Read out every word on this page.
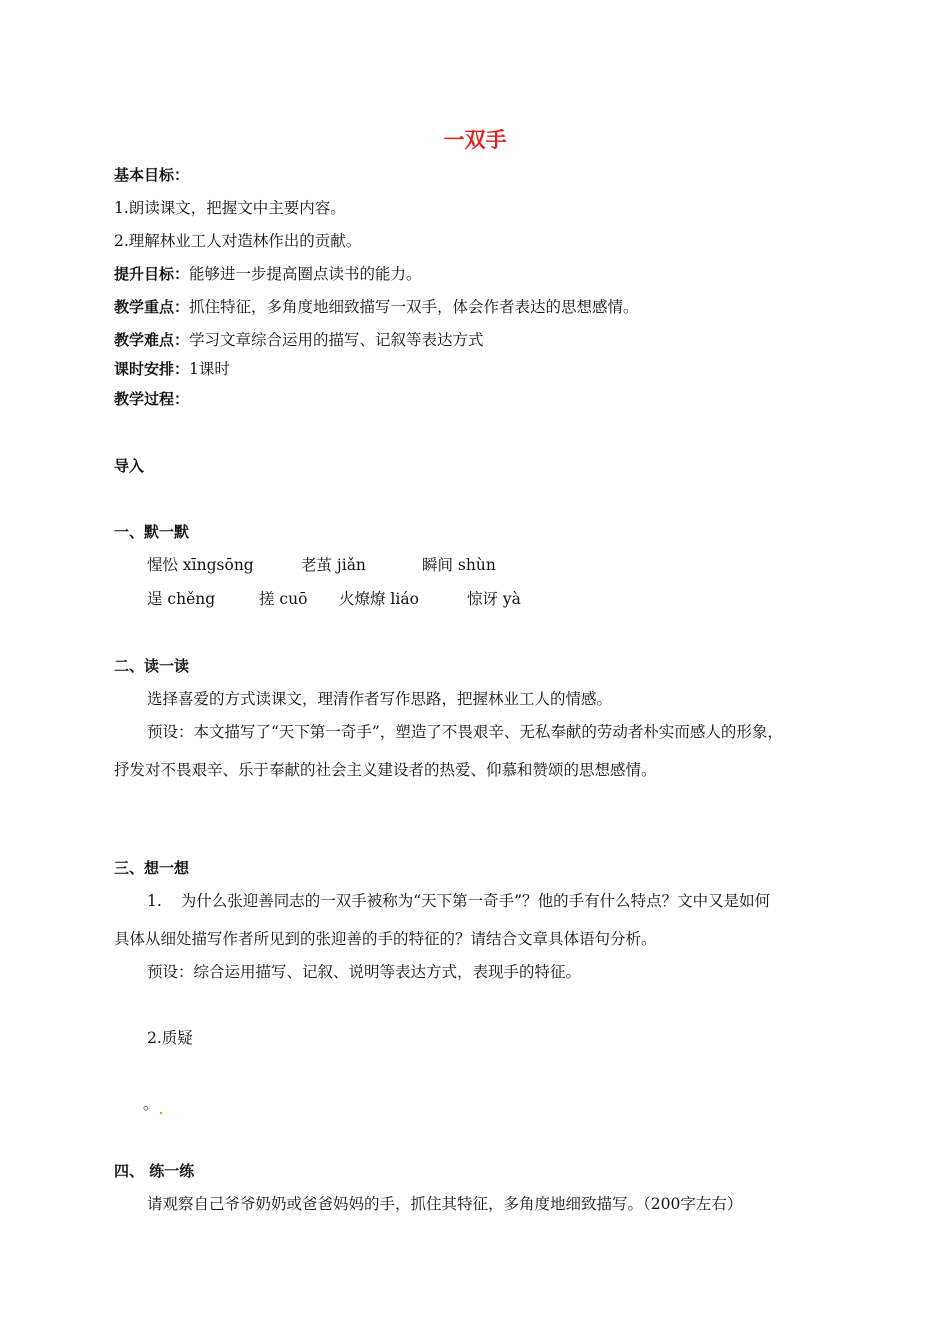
一双手
基本目标：
1.朗读课文，把握文中主要内容。
2.理解林业工人对造林作出的贡献。
提升目标：能够进一步提高圈点读书的能力。
教学重点：抓住特征，多角度地细致描写一双手，体会作者表达的思想感情。
教学难点：学习文章综合运用的描写、记叙等表达方式
课时安排：1课时
教学过程：
导入
一、默一默
惺忪 xīngsōng	老茧 jiǎn	瞬间 shùn
逞 chěng	搓 cuō 火燎燎 liáo	惊讶 yà
二、读一读
选择喜爱的方式读课文，理清作者写作思路，把握林业工人的情感。
预设：本文描写了“天下第一奇手”，塑造了不畏艰辛、无私奉献的劳动者朴实而感人的形象，
抒发对不畏艰辛、乐于奉献的社会主义建设者的热爱、仰慕和赞颂的思想感情。
三、想一想
1. 为什么张迎善同志的一双手被称为“天下第一奇手”？他的手有什么特点？文中又是如何
具体从细处描写作者所见到的张迎善的手的特征的？请结合文章具体语句分析。
预设：综合运用描写、记叙、说明等表达方式，表现手的特征。
2.质疑
。
四、 练一练
请观察自己爷爷奶奶或爸爸妈妈的手，抓住其特征，多角度地细致描写。（200字左右）
